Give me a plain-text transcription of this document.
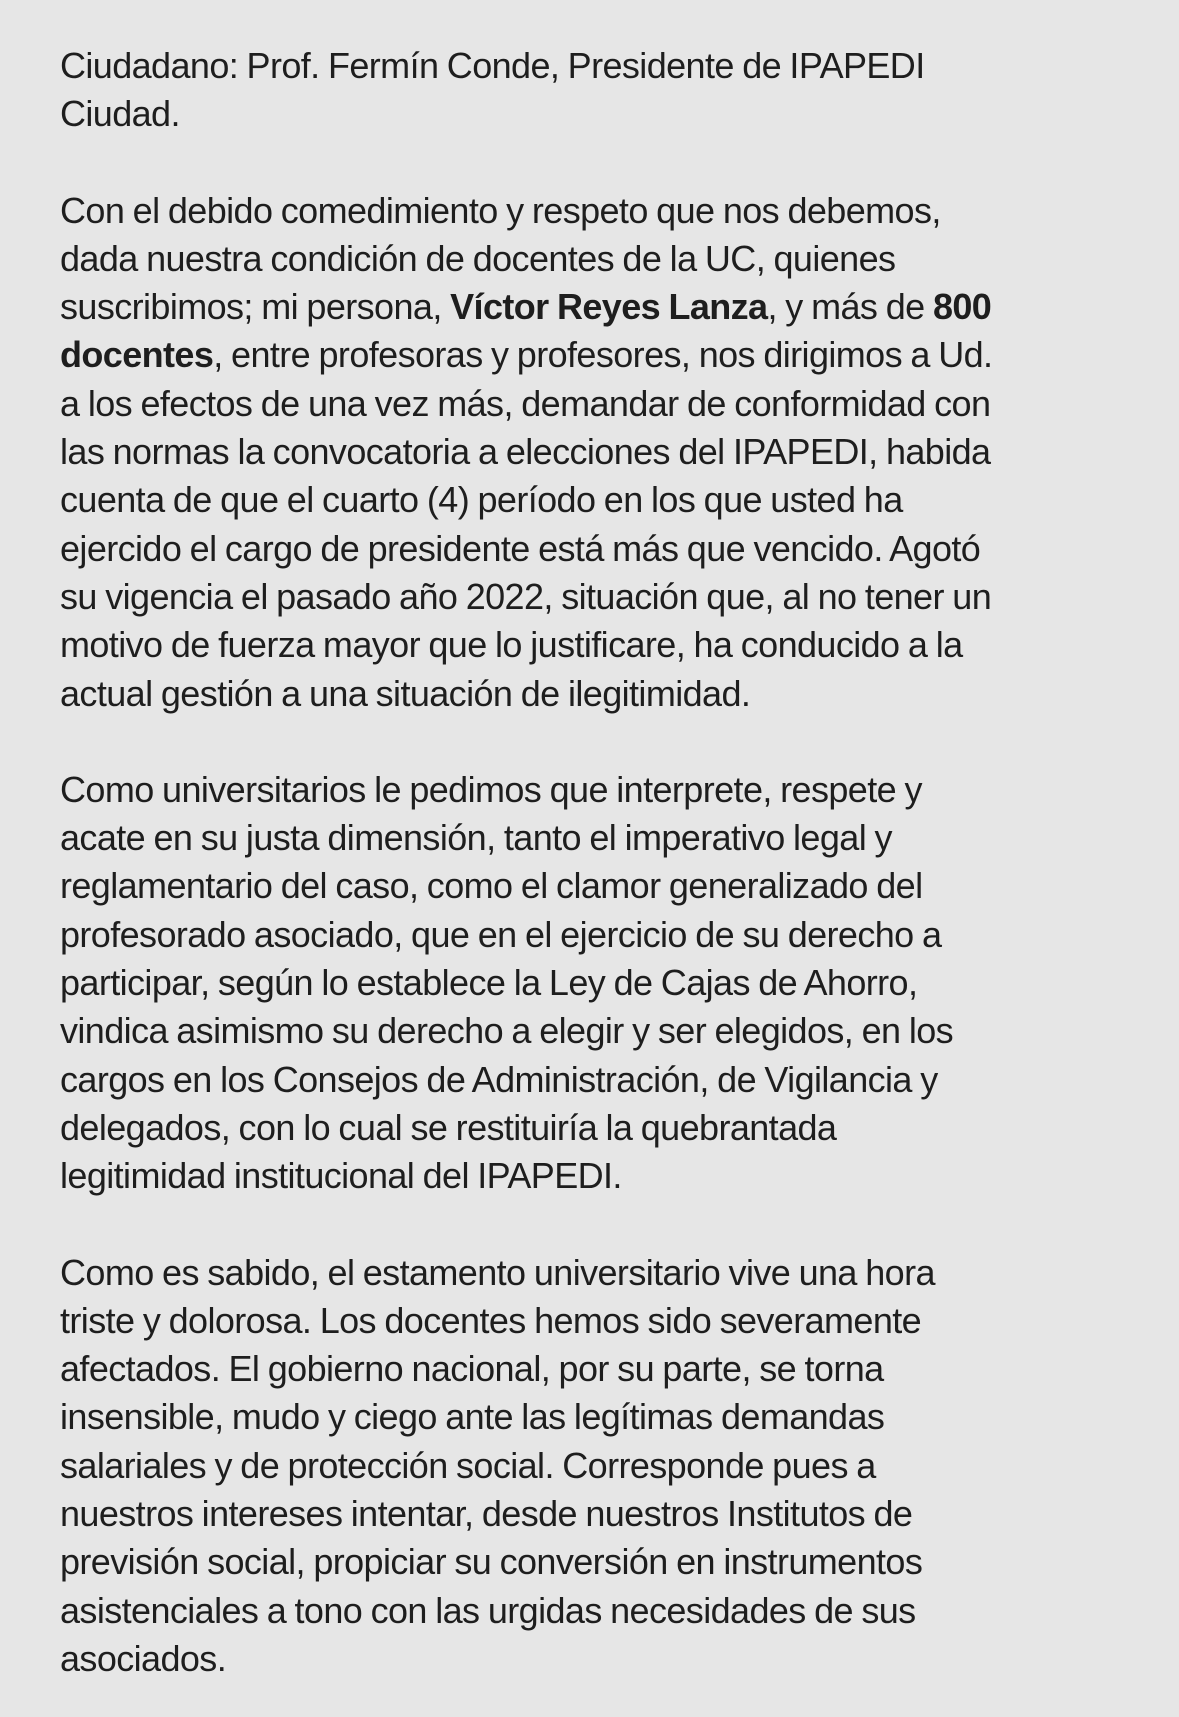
Ciudadano: Prof. Fermín Conde, Presidente de IPAPEDI
Ciudad.

Con el debido comedimiento y respeto que nos debemos,
dada nuestra condición de docentes de la UC, quienes
suscribimos; mi persona, Víctor Reyes Lanza, y más de 800
docentes, entre profesoras y profesores, nos dirigimos a Ud.
a los efectos de una vez más, demandar de conformidad con
las normas la convocatoria a elecciones del IPAPEDI, habida
cuenta de que el cuarto (4) período en los que usted ha
ejercido el cargo de presidente está más que vencido. Agotó
su vigencia el pasado año 2022, situación que, al no tener un
motivo de fuerza mayor que lo justificare, ha conducido a la
actual gestión a una situación de ilegitimidad.

Como universitarios le pedimos que interprete, respete y
acate en su justa dimensión, tanto el imperativo legal y
reglamentario del caso, como el clamor generalizado del
profesorado asociado, que en el ejercicio de su derecho a
participar, según lo establece la Ley de Cajas de Ahorro,
vindica asimismo su derecho a elegir y ser elegidos, en los
cargos en los Consejos de Administración, de Vigilancia y
delegados, con lo cual se restituiría la quebrantada
legitimidad institucional del IPAPEDI.

Como es sabido, el estamento universitario vive una hora
triste y dolorosa. Los docentes hemos sido severamente
afectados. El gobierno nacional, por su parte, se torna
insensible, mudo y ciego ante las legítimas demandas
salariales y de protección social. Corresponde pues a
nuestros intereses intentar, desde nuestros Institutos de
previsión social, propiciar su conversión en instrumentos
asistenciales a tono con las urgidas necesidades de sus
asociados.
